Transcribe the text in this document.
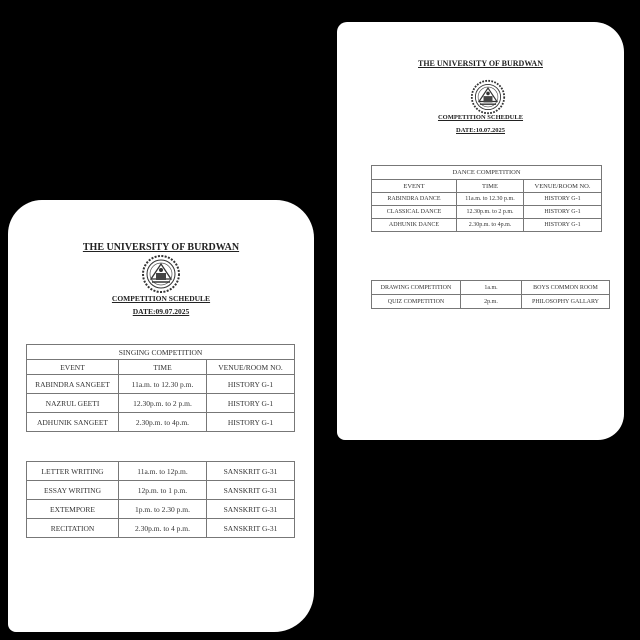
THE UNIVERSITY OF BURDWAN
COMPETITION SCHEDULE
DATE:10.07.2025
DANCE COMPETITION		
EVENT	TIME	VENUE/ROOM NO.
RABINDRA DANCE	11a.m. to 12.30 p.m.	HISTORY G-1
CLASSICAL DANCE	12.30p.m. to 2 p.m.	HISTORY G-1
ADHUNIK DANCE	2.30p.m. to 4p.m.	HISTORY G-1
DRAWING COMPETITION	1a.m.	BOYS COMMON ROOM
QUIZ COMPETITION	2p.m.	PHILOSOPHY GALLARY
THE UNIVERSITY OF BURDWAN
COMPETITION SCHEDULE
DATE:09.07.2025
SINGING COMPETITION		
EVENT	TIME	VENUE/ROOM NO.
RABINDRA SANGEET	11a.m. to 12.30 p.m.	HISTORY G-1
NAZRUL GEETI	12.30p.m. to 2 p.m.	HISTORY G-1
ADHUNIK SANGEET	2.30p.m. to 4p.m.	HISTORY G-1
LETTER WRITING	11a.m. to 12p.m.	SANSKRIT G-31
ESSAY WRITING	12p.m. to 1 p.m.	SANSKRIT G-31
EXTEMPORE	1p.m. to 2.30 p.m.	SANSKRIT G-31
RECITATION	2.30p.m. to 4 p.m.	SANSKRIT G-31
